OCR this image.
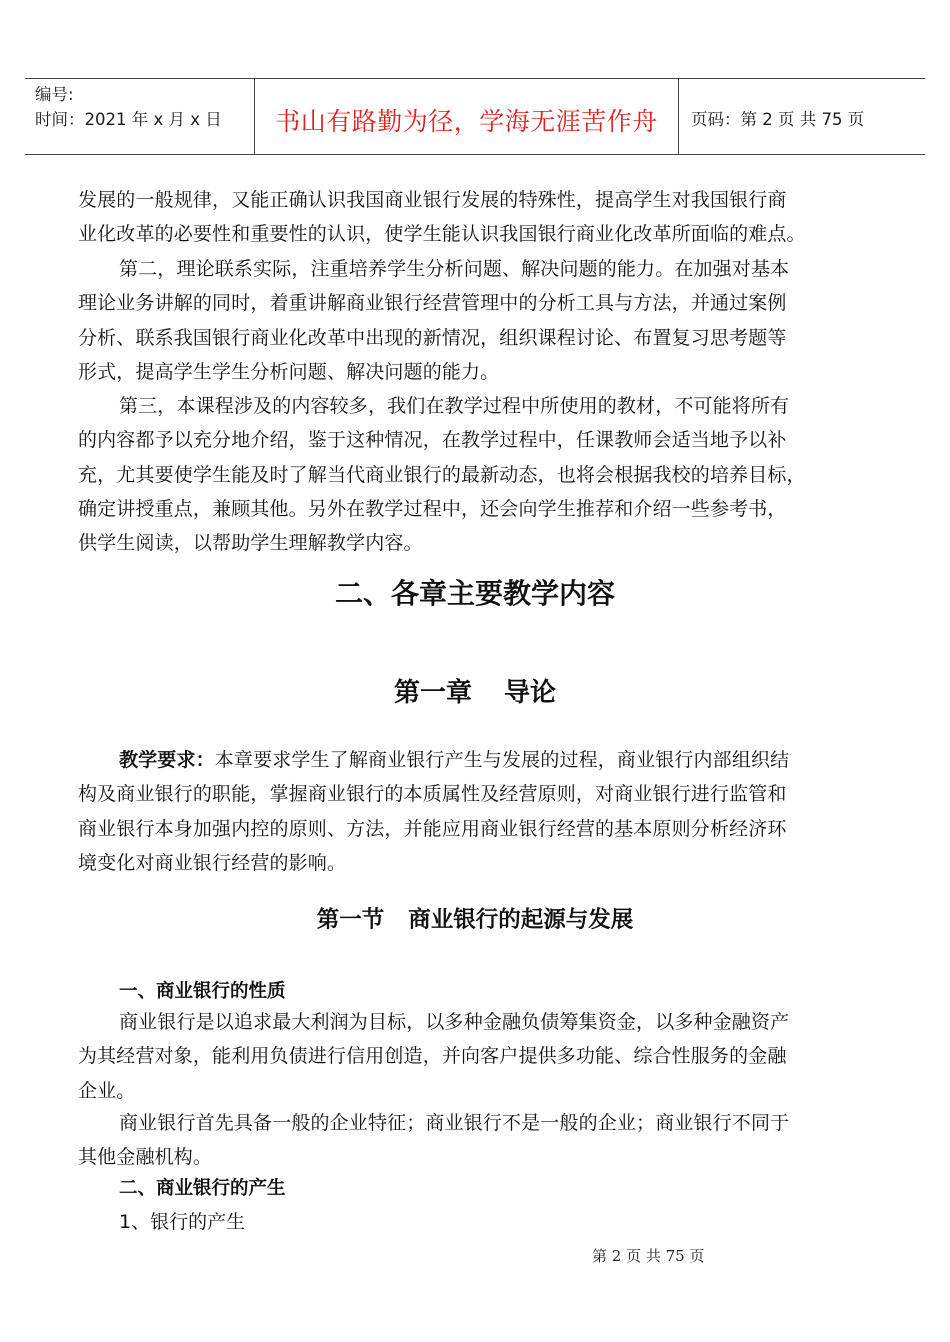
编号:
时间：2021 年 x 月 x 日	书山有路勤为径，学海无涯苦作舟	页码：第 2 页 共 75 页
发展的一般规律，又能正确认识我国商业银行发展的特殊性，提高学生对我国银行商
业化改革的必要性和重要性的认识，使学生能认识我国银行商业化改革所面临的难点。
第二，理论联系实际，注重培养学生分析问题、解决问题的能力。在加强对基本
理论业务讲解的同时，着重讲解商业银行经营管理中的分析工具与方法，并通过案例
分析、联系我国银行商业化改革中出现的新情况，组织课程讨论、布置复习思考题等
形式，提高学生学生分析问题、解决问题的能力。
第三，本课程涉及的内容较多，我们在教学过程中所使用的教材，不可能将所有
的内容都予以充分地介绍，鉴于这种情况，在教学过程中，任课教师会适当地予以补
充，尤其要使学生能及时了解当代商业银行的最新动态，也将会根据我校的培养目标，
确定讲授重点，兼顾其他。另外在教学过程中，还会向学生推荐和介绍一些参考书，
供学生阅读，以帮助学生理解教学内容。
二、各章主要教学内容
第一章 导论
教学要求：本章要求学生了解商业银行产生与发展的过程，商业银行内部组织结
构及商业银行的职能，掌握商业银行的本质属性及经营原则，对商业银行进行监管和
商业银行本身加强内控的原则、方法，并能应用商业银行经营的基本原则分析经济环
境变化对商业银行经营的影响。
第一节 商业银行的起源与发展
一、商业银行的性质
商业银行是以追求最大利润为目标，以多种金融负债筹集资金，以多种金融资产
为其经营对象，能利用负债进行信用创造，并向客户提供多功能、综合性服务的金融
企业。
商业银行首先具备一般的企业特征；商业银行不是一般的企业；商业银行不同于
其他金融机构。
二、商业银行的产生
1、银行的产生
第 2 页 共 75 页
